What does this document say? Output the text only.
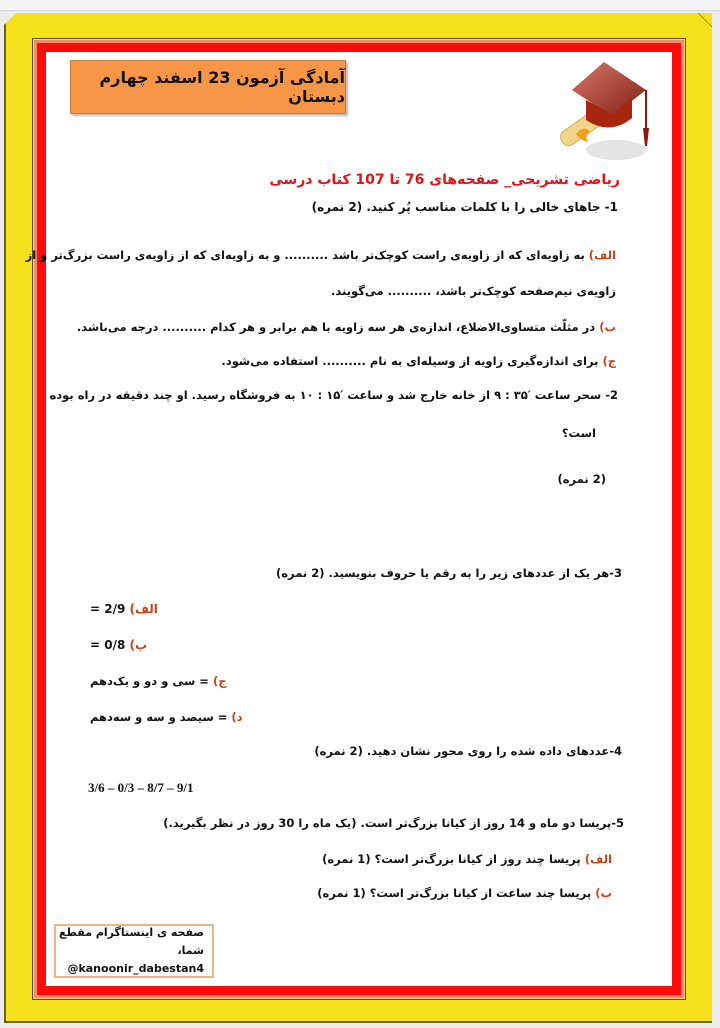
آمادگی آزمون 23 اسفند چهارم دبستان
ریاضی تشریحی_ صفحه‌های 76 تا 107 کتاب درسی
1- جاهای خالی را با کلمات مناسب پُر کنید. (2 نمره)
الف) به زاویه‌ای که از زاویه‌ی راست کوچک‌تر باشد .......... و به زاویه‌ای که از زاویه‌ی راست بزرگ‌تر و از
زاویه‌ی نیم‌صفحه کوچک‌تر باشد، .......... می‌گویند.
ب) در مثلّث متساوی‌الاضلاع، اندازه‌ی هر سه زاویه با هم برابر و هر کدام .......... درجه می‌باشد.
ج) برای اندازه‌گیری زاویه از وسیله‌ای به نام .......... استفاده می‌شود.
2- سحر ساعت ′۳۵ : ۹ از خانه خارج شد و ساعت ′۱۵ : ۱۰ به فروشگاه رسید. او چند دقیقه در راه بوده
است؟
(2 نمره)
3-هر یک از عددهای زیر را به رقم یا حروف بنویسید. (2 نمره)
= 2/9 (الف
= 0/8 (ب
= سی و دو و یک‌دهم (ج
= سیصد و سه و سه‌دهم (د
4-عددهای داده شده را روی محور نشان دهید. (2 نمره)
3/6 – 0/3 – 8/7 – 9/1
5-پریسا دو ماه و 14 روز از کیانا بزرگ‌تر است. (یک ماه را 30 روز در نظر بگیرید.)
الف) پریسا چند روز از کیانا بزرگ‌تر است؟ (1 نمره)
ب) پریسا چند ساعت از کیانا بزرگ‌تر است؟ (1 نمره)
صفحه ی اینستاگرام مقطع شما،
@kanoonir_dabestan4
